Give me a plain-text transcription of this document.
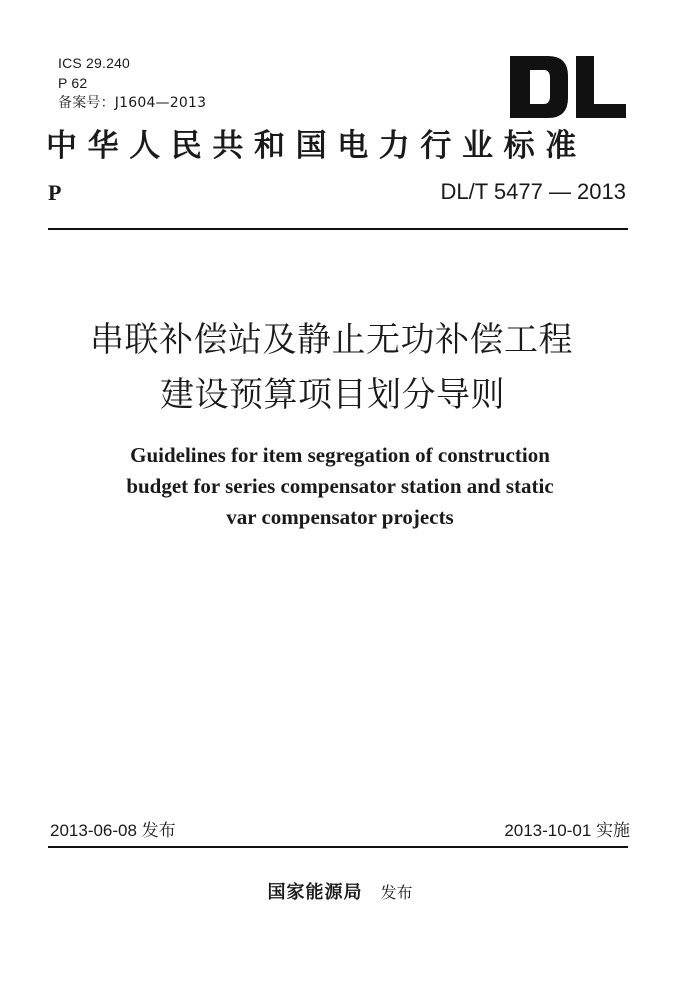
ICS 29.240
P 62
备案号：J1604—2013
中华人民共和国电力行业标准
P	DL/T 5477 — 2013
串联补偿站及静止无功补偿工程
建设预算项目划分导则
Guidelines for item segregation of construction
budget for series compensator station and static
var compensator projects
2013-06-08 发布	2013-10-01 实施
国家能源局 发布
